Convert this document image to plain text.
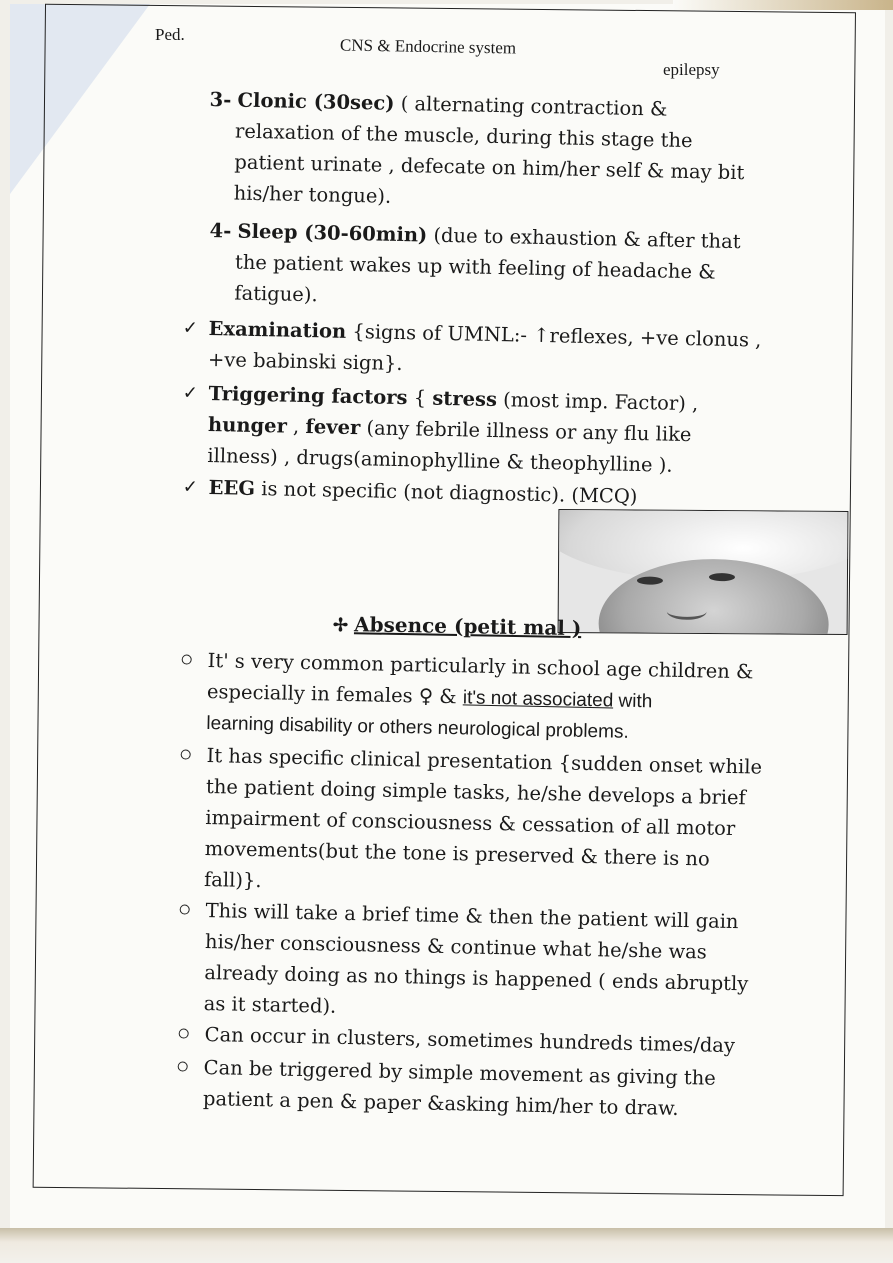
Ped.
CNS & Endocrine system
epilepsy
3- Clonic (30sec) ( alternating contraction &
relaxation of the muscle, during this stage the
patient urinate , defecate on him/her self & may bit
his/her tongue).
4- Sleep (30-60min) (due to exhaustion & after that
the patient wakes up with feeling of headache &
fatigue).
✓ Examination {signs of UMNL:- ↑reflexes, +ve clonus ,
+ve babinski sign}.
✓ Triggering factors { stress (most imp. Factor) ,
hunger , fever (any febrile illness or any flu like
illness) , drugs(aminophylline & theophylline ).
✓ EEG is not specific (not diagnostic). (MCQ)
✢ Absence (petit mal )
It' s very common particularly in school age children &
especially in females ♀ & it's not associated with
learning disability or others neurological problems.
It has specific clinical presentation {sudden onset while
the patient doing simple tasks, he/she develops a brief
impairment of consciousness & cessation of all motor
movements(but the tone is preserved & there is no
fall)}.
This will take a brief time & then the patient will gain
his/her consciousness & continue what he/she was
already doing as no things is happened ( ends abruptly
as it started).
Can occur in clusters, sometimes hundreds times/day
Can be triggered by simple movement as giving the
patient a pen & paper &asking him/her to draw.
